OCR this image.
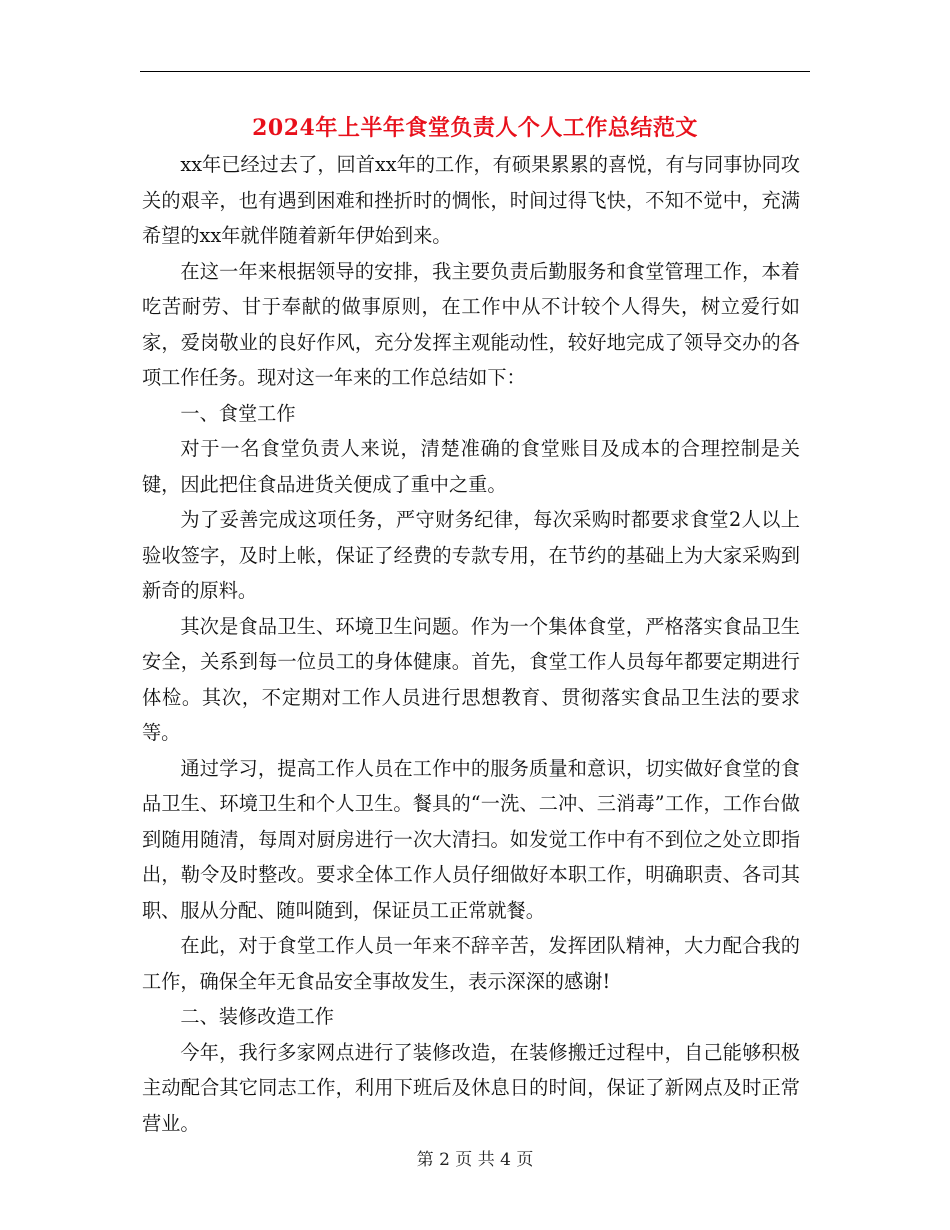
2024年上半年食堂负责人个人工作总结范文

xx年已经过去了，回首xx年的工作，有硕果累累的喜悦，有与同事协同攻关的艰辛，也有遇到困难和挫折时的惆怅，时间过得飞快，不知不觉中，充满希望的xx年就伴随着新年伊始到来。

在这一年来根据领导的安排，我主要负责后勤服务和食堂管理工作，本着吃苦耐劳、甘于奉献的做事原则，在工作中从不计较个人得失，树立爱行如家，爱岗敬业的良好作风，充分发挥主观能动性，较好地完成了领导交办的各项工作任务。现对这一年来的工作总结如下：

一、食堂工作

对于一名食堂负责人来说，清楚准确的食堂账目及成本的合理控制是关键，因此把住食品进货关便成了重中之重。

为了妥善完成这项任务，严守财务纪律，每次采购时都要求食堂2人以上验收签字，及时上帐，保证了经费的专款专用，在节约的基础上为大家采购到新奇的原料。

其次是食品卫生、环境卫生问题。作为一个集体食堂，严格落实食品卫生安全，关系到每一位员工的身体健康。首先，食堂工作人员每年都要定期进行体检。其次，不定期对工作人员进行思想教育、贯彻落实食品卫生法的要求等。

通过学习，提高工作人员在工作中的服务质量和意识，切实做好食堂的食品卫生、环境卫生和个人卫生。餐具的“一洗、二冲、三消毒”工作，工作台做到随用随清，每周对厨房进行一次大清扫。如发觉工作中有不到位之处立即指出，勒令及时整改。要求全体工作人员仔细做好本职工作，明确职责、各司其职、服从分配、随叫随到，保证员工正常就餐。

在此，对于食堂工作人员一年来不辞辛苦，发挥团队精神，大力配合我的工作，确保全年无食品安全事故发生，表示深深的感谢!

二、装修改造工作

今年，我行多家网点进行了装修改造，在装修搬迁过程中，自己能够积极主动配合其它同志工作，利用下班后及休息日的时间，保证了新网点及时正常营业。

第 2 页 共 4 页
